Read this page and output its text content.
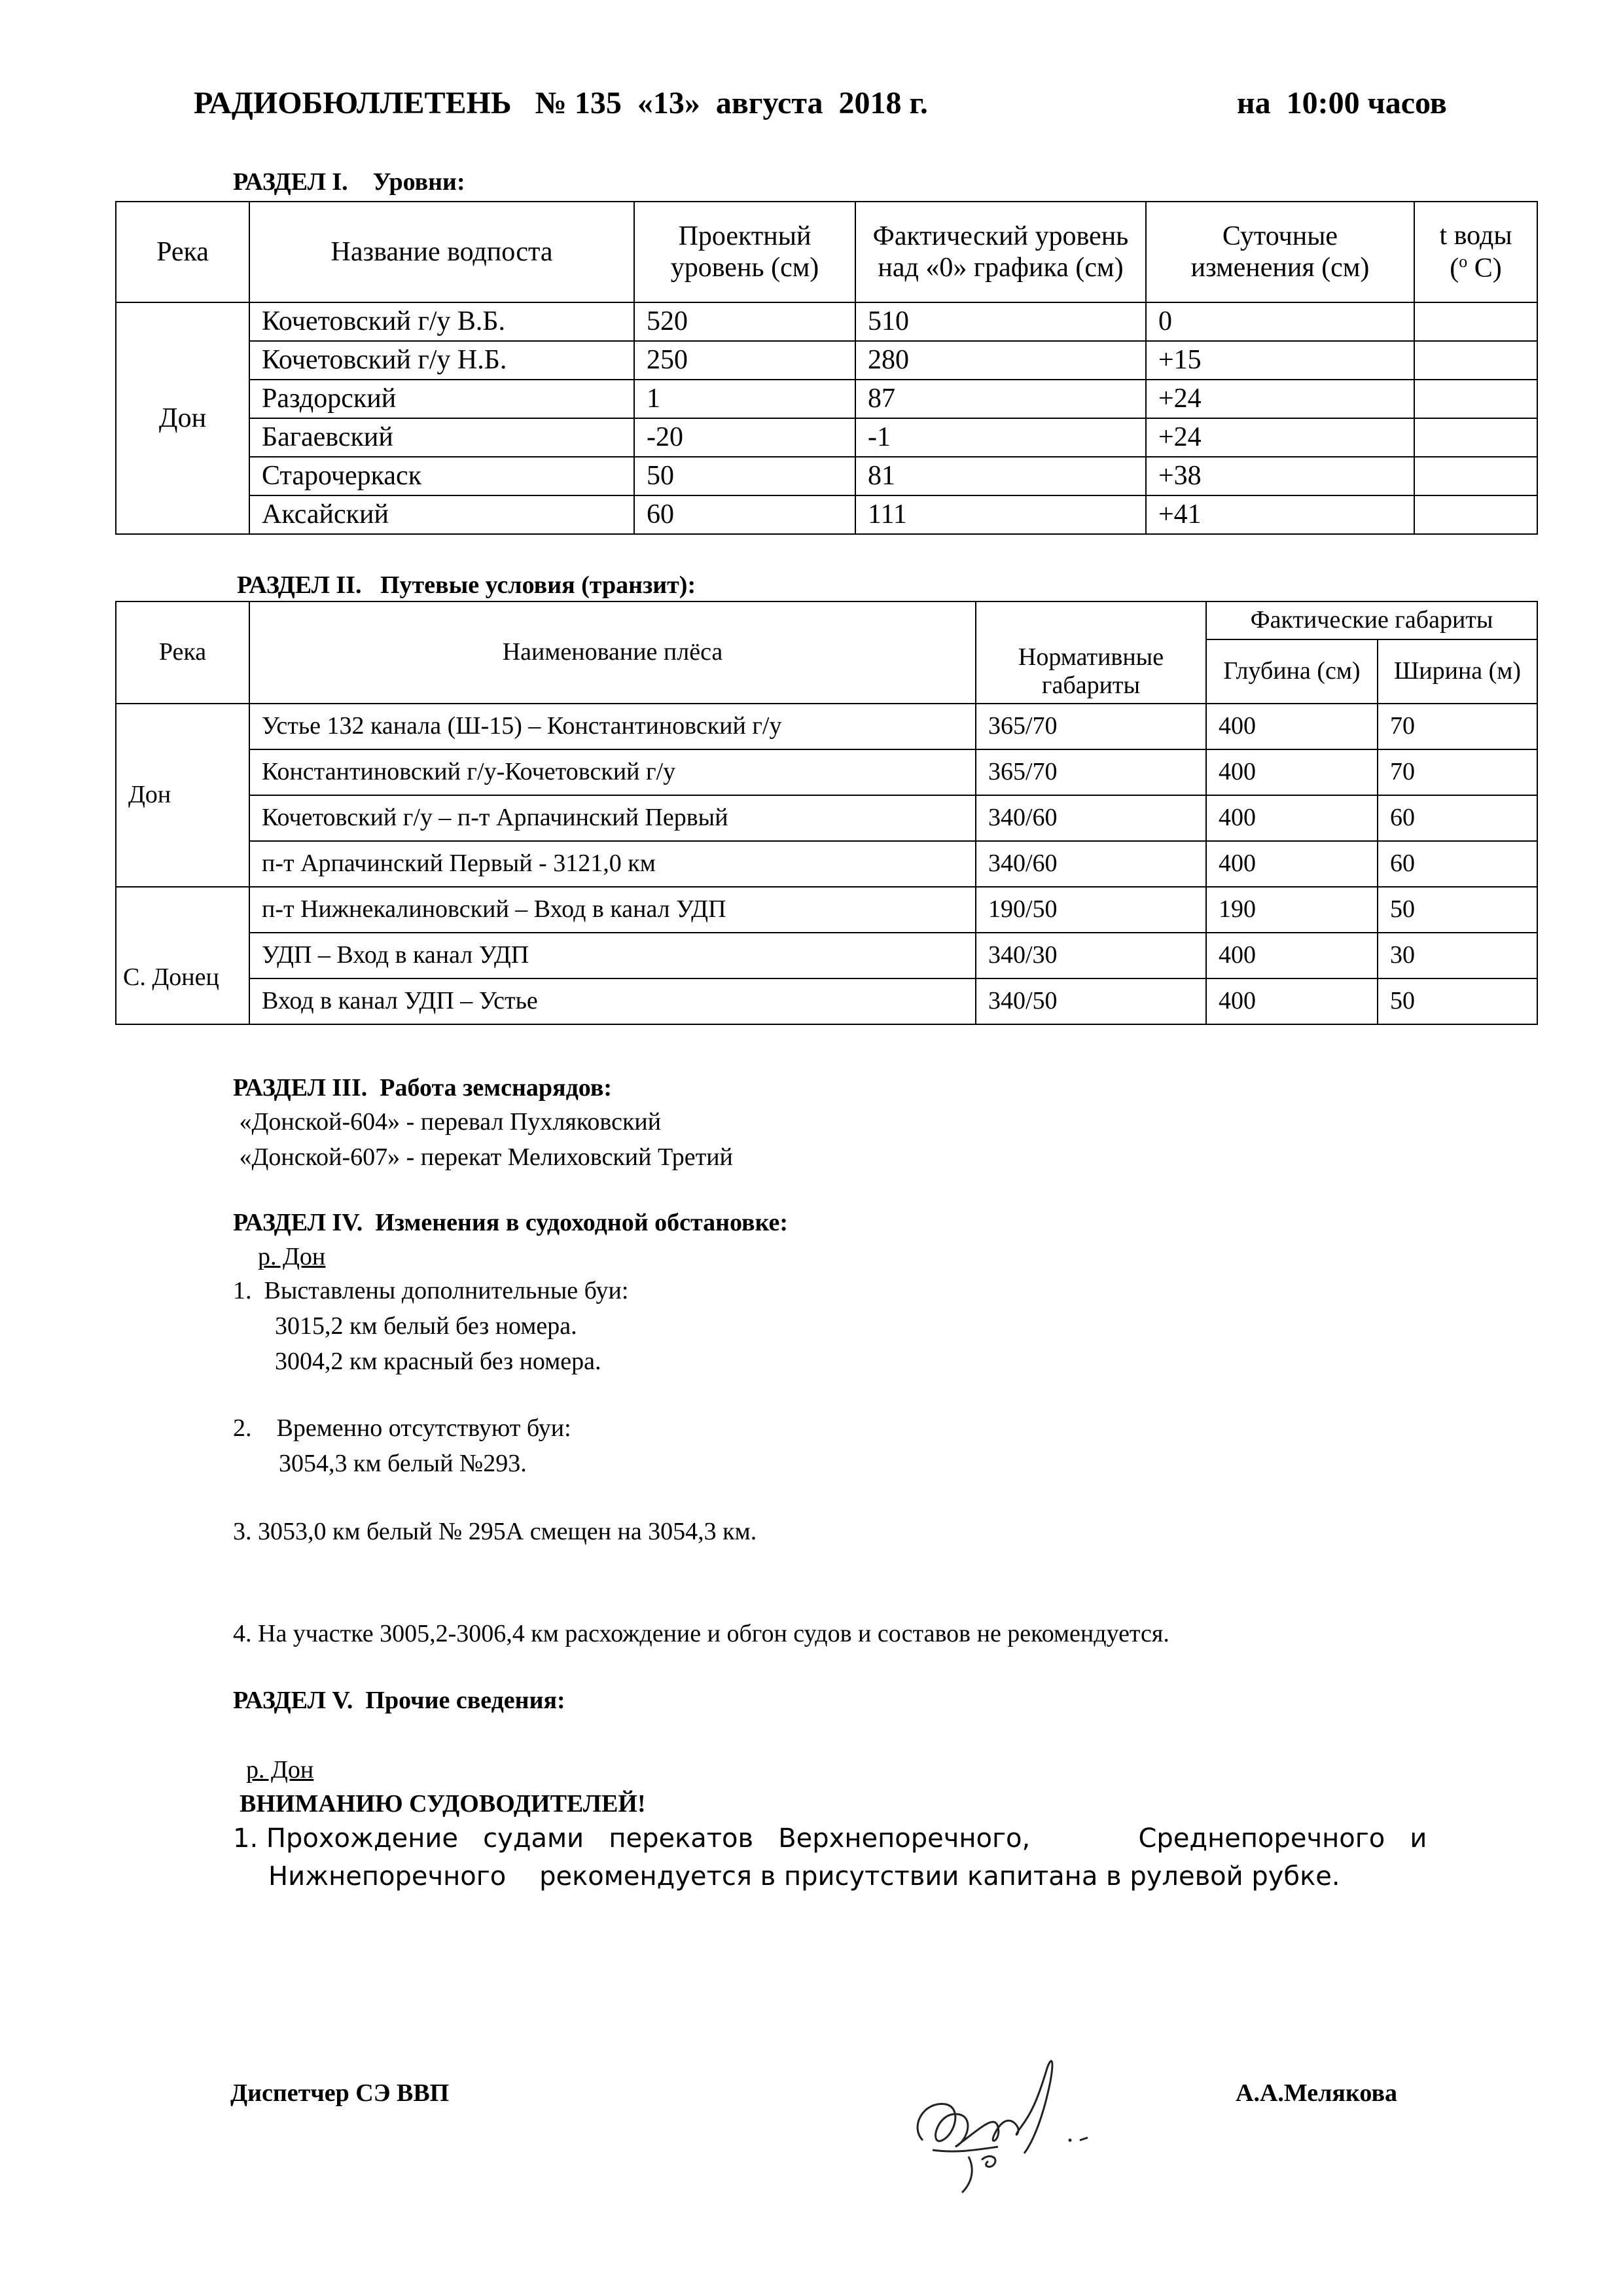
РАДИОБЮЛЛЕТЕНЬ   № 135  «13»  августа  2018 г.	на  10:00 часов
РАЗДЕЛ I.    Уровни:
Река	Название водпоста	Проектный уровень (см)	Фактический уровень над «0» графика (см)	Суточные изменения (см)	t воды
($^o$ C)
Дон	Кочетовский г/у В.Б.	520	510	0	
	Кочетовский г/у Н.Б.	250	280	+15	
	Раздорский	1	87	+24	
	Багаевский	-20	-1	+24	
	Старочеркаск	50	81	+38	
	Аксайский	60	111	+41	
РАЗДЕЛ II.   Путевые условия (транзит):
Река	Наименование плёса	Нормативные габариты	Фактические габариты	
			Глубина (см)	Ширина (м)
Дон	Устье 132 канала (Ш-15) – Константиновский г/у	365/70	400	70
	Константиновский г/у-Кочетовский г/у	365/70	400	70
	Кочетовский г/у – п-т Арпачинский Первый	340/60	400	60
	п-т Арпачинский Первый - 3121,0 км	340/60	400	60
С. Донец	п-т Нижнекалиновский – Вход в канал УДП	190/50	190	50
	УДП – Вход в канал УДП	340/30	400	30
	Вход в канал УДП – Устье	340/50	400	50
РАЗДЕЛ III.  Работа земснарядов:
«Донской-604» - перевал Пухляковский
«Донской-607» - перекат Мелиховский Третий
РАЗДЕЛ IV.  Изменения в судоходной обстановке:
р. Дон
1.  Выставлены дополнительные буи:
3015,2 км белый без номера.
3004,2 км красный без номера.
2.    Временно отсутствуют буи:
3054,3 км белый №293.
3. 3053,0 км белый № 295А смещен на 3054,3 км.
4. На участке 3005,2-3006,4 км расхождение и обгон судов и составов не рекомендуется.
РАЗДЕЛ V.  Прочие сведения:
р. Дон
ВНИМАНИЮ СУДОВОДИТЕЛЕЙ!
1. Прохождение   судами   перекатов   Верхнепоречного,             Среднепоречного   и
Нижнепоречного    рекомендуется в присутствии капитана в рулевой рубке.
Диспетчер СЭ ВВП	А.А.Мелякова
